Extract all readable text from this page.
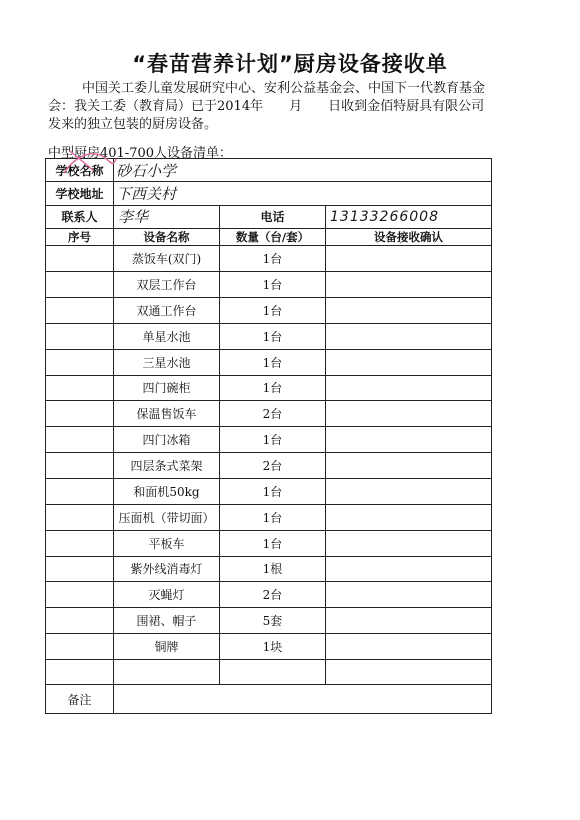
“春苗营养计划”厨房设备接收单
中国关工委儿童发展研究中心、安利公益基金会、中国下一代教育基金会：我关工委（教育局）已于2014年　　月　　日收到金佰特厨具有限公司发来的独立包装的厨房设备。
中型厨房401-700人设备清单：
学校名称	砂石小学		
学校地址	下西关村		
联系人	李华	电话	13133266008
序号	设备名称	数量（台/套）	设备接收确认
	蒸饭车(双门)	1台	
	双层工作台	1台	
	双通工作台	1台	
	单星水池	1台	
	三星水池	1台	
	四门碗柜	1台	
	保温售饭车	2台	
	四门冰箱	1台	
	四层条式菜架	2台	
	和面机50kg	1台	
	压面机（带切面）	1台	
	平板车	1台	
	紫外线消毒灯	1根	
	灭蝇灯	2台	
	围裙、帽子	5套	
	铜牌	1块	

备注			
